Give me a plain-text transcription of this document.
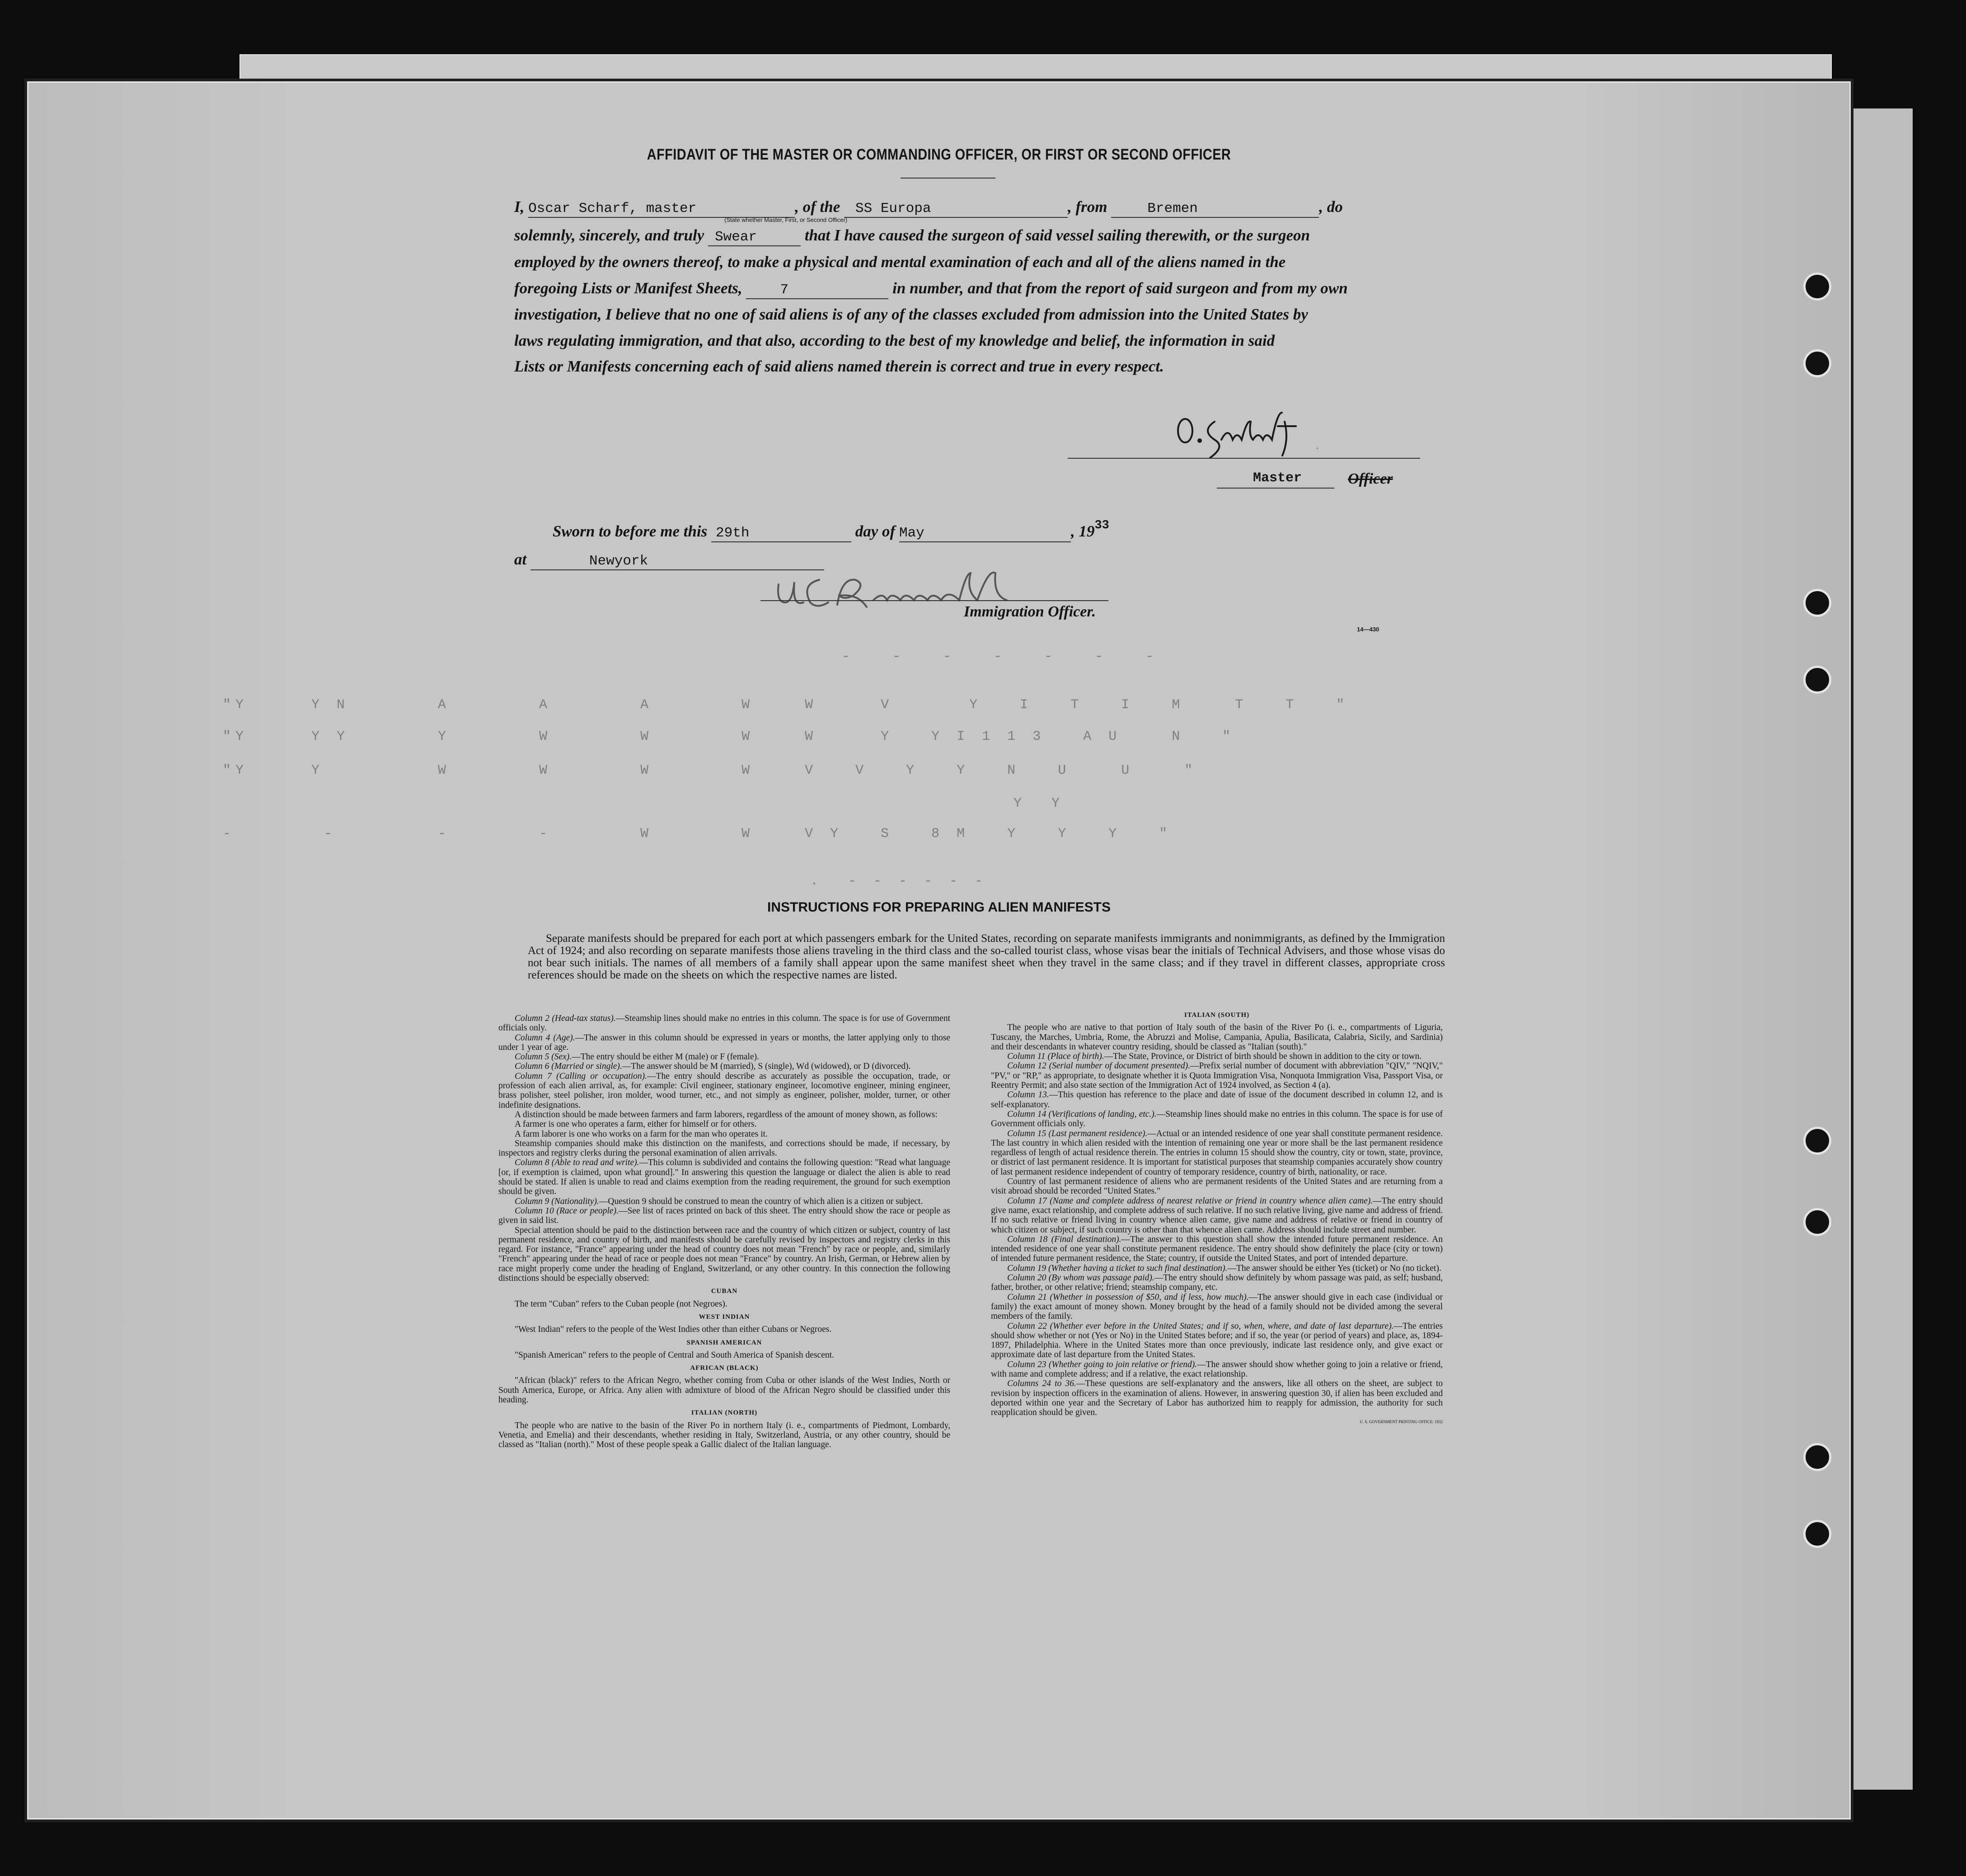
AFFIDAVIT OF THE MASTER OR COMMANDING OFFICER, OR FIRST OR SECOND OFFICER
I, Oscar Scharf, master	, of the SS Europa	, from	Bremen	, do
(State whether Master, First, or Second Officer)
solemnly, sincerely, and truly Swear	that I have caused the surgeon of said vessel sailing therewith, or the surgeon
employed by the owners thereof, to make a physical and mental examination of each and all of the aliens named in the
foregoing Lists or Manifest Sheets,	7	in number, and that from the report of said surgeon and from my own
investigation, I believe that no one of said aliens is of any of the classes excluded from admission into the United States by
laws regulating immigration, and that also, according to the best of my knowledge and belief, the information in said
Lists or Manifests concerning each of said aliens named therein is correct and true in every respect.
.
Master	Officer
Sworn to before me this 29th	day of May	, $19^{33}$
at	Newyork
Immigration Officer.
14—430
-   -   -   -   -   -   -
"Y     Y N       A       A       A       W    W     V      Y   I   T   I   M    T   T   "
"Y     Y Y       Y       W       W       W    W     Y   Y I 1 1 3   A U    N   "
"Y     Y         W       W       W       W    V   V   Y   Y   N   U    U    "
Y  Y
-       -        -       -       W       W    V Y   S   8 M   Y   Y   Y   "
.  - - - - - -
INSTRUCTIONS FOR PREPARING ALIEN MANIFESTS
Separate manifests should be prepared for each port at which passengers embark for the United States, recording on separate manifests immigrants and nonimmigrants, as defined by the Immigration Act of 1924; and also recording on separate manifests those aliens traveling in the third class and the so-called tourist class, whose visas bear the initials of Technical Advisers, and those whose visas do not bear such initials. The names of all members of a family shall appear upon the same manifest sheet when they travel in the same class; and if they travel in different classes, appropriate cross references should be made on the sheets on which the respective names are listed.

Column 2 (Head-tax status).—Steamship lines should make no entries in this column. The space is for use of Government officials only.

Column 4 (Age).—The answer in this column should be expressed in years or months, the latter applying only to those under 1 year of age.

Column 5 (Sex).—The entry should be either M (male) or F (female).

Column 6 (Married or single).—The answer should be M (married), S (single), Wd (widowed), or D (divorced).

Column 7 (Calling or occupation).—The entry should describe as accurately as possible the occupation, trade, or profession of each alien arrival, as, for example: Civil engineer, stationary engineer, locomotive engineer, mining engineer, brass polisher, steel polisher, iron molder, wood turner, etc., and not simply as engineer, polisher, molder, turner, or other indefinite designations.

A distinction should be made between farmers and farm laborers, regardless of the amount of money shown, as follows:

A farmer is one who operates a farm, either for himself or for others.

A farm laborer is one who works on a farm for the man who operates it.

Steamship companies should make this distinction on the manifests, and corrections should be made, if necessary, by inspectors and registry clerks during the personal examination of alien arrivals.

Column 8 (Able to read and write).—This column is subdivided and contains the following question: "Read what language [or, if exemption is claimed, upon what ground]." In answering this question the language or dialect the alien is able to read should be stated. If alien is unable to read and claims exemption from the reading requirement, the ground for such exemption should be given.

Column 9 (Nationality).—Question 9 should be construed to mean the country of which alien is a citizen or subject.

Column 10 (Race or people).—See list of races printed on back of this sheet. The entry should show the race or people as given in said list.

Special attention should be paid to the distinction between race and the country of which citizen or subject, country of last permanent residence, and country of birth, and manifests should be carefully revised by inspectors and registry clerks in this regard. For instance, "France" appearing under the head of country does not mean "French" by race or people, and, similarly "French" appearing under the head of race or people does not mean "France" by country. An Irish, German, or Hebrew alien by race might properly come under the heading of England, Switzerland, or any other country. In this connection the following distinctions should be especially observed:

CUBAN

The term "Cuban" refers to the Cuban people (not Negroes).

WEST INDIAN

"West Indian" refers to the people of the West Indies other than either Cubans or Negroes.

SPANISH AMERICAN

"Spanish American" refers to the people of Central and South America of Spanish descent.

AFRICAN (BLACK)

"African (black)" refers to the African Negro, whether coming from Cuba or other islands of the West Indies, North or South America, Europe, or Africa. Any alien with admixture of blood of the African Negro should be classified under this heading.

ITALIAN (NORTH)

The people who are native to the basin of the River Po in northern Italy (i. e., compartments of Piedmont, Lombardy, Venetia, and Emelia) and their descendants, whether residing in Italy, Switzerland, Austria, or any other country, should be classed as "Italian (north)." Most of these people speak a Gallic dialect of the Italian language.

ITALIAN (SOUTH)

The people who are native to that portion of Italy south of the basin of the River Po (i. e., compartments of Liguria, Tuscany, the Marches, Umbria, Rome, the Abruzzi and Molise, Campania, Apulia, Basilicata, Calabria, Sicily, and Sardinia) and their descendants in whatever country residing, should be classed as "Italian (south)."

Column 11 (Place of birth).—The State, Province, or District of birth should be shown in addition to the city or town.

Column 12 (Serial number of document presented).—Prefix serial number of document with abbreviation "QIV," "NQIV," "PV," or "RP," as appropriate, to designate whether it is Quota Immigration Visa, Nonquota Immigration Visa, Passport Visa, or Reentry Permit; and also state section of the Immigration Act of 1924 involved, as Section 4 (a).

Column 13.—This question has reference to the place and date of issue of the document described in column 12, and is self-explanatory.

Column 14 (Verifications of landing, etc.).—Steamship lines should make no entries in this column. The space is for use of Government officials only.

Column 15 (Last permanent residence).—Actual or an intended residence of one year shall constitute permanent residence. The last country in which alien resided with the intention of remaining one year or more shall be the last permanent residence regardless of length of actual residence therein. The entries in column 15 should show the country, city or town, state, province, or district of last permanent residence. It is important for statistical purposes that steamship companies accurately show country of last permanent residence independent of country of temporary residence, country of birth, nationality, or race.

Country of last permanent residence of aliens who are permanent residents of the United States and are returning from a visit abroad should be recorded "United States."

Column 17 (Name and complete address of nearest relative or friend in country whence alien came).—The entry should give name, exact relationship, and complete address of such relative. If no such relative living, give name and address of friend. If no such relative or friend living in country whence alien came, give name and address of relative or friend in country of which citizen or subject, if such country is other than that whence alien came. Address should include street and number.

Column 18 (Final destination).—The answer to this question shall show the intended future permanent residence. An intended residence of one year shall constitute permanent residence. The entry should show definitely the place (city or town) of intended future permanent residence, the State; country, if outside the United States, and port of intended departure.

Column 19 (Whether having a ticket to such final destination).—The answer should be either Yes (ticket) or No (no ticket).

Column 20 (By whom was passage paid).—The entry should show definitely by whom passage was paid, as self; husband, father, brother, or other relative; friend; steamship company, etc.

Column 21 (Whether in possession of $50, and if less, how much).—The answer should give in each case (individual or family) the exact amount of money shown. Money brought by the head of a family should not be divided among the several members of the family.

Column 22 (Whether ever before in the United States; and if so, when, where, and date of last departure).—The entries should show whether or not (Yes or No) in the United States before; and if so, the year (or period of years) and place, as, 1894-1897, Philadelphia. Where in the United States more than once previously, indicate last residence only, and give exact or approximate date of last departure from the United States.

Column 23 (Whether going to join relative or friend).—The answer should show whether going to join a relative or friend, with name and complete address; and if a relative, the exact relationship.

Columns 24 to 36.—These questions are self-explanatory and the answers, like all others on the sheet, are subject to revision by inspection officers in the examination of aliens. However, in answering question 30, if alien has been excluded and deported within one year and the Secretary of Labor has authorized him to reapply for admission, the authority for such reapplication should be given.

U. S. GOVERNMENT PRINTING OFFICE: 1932
